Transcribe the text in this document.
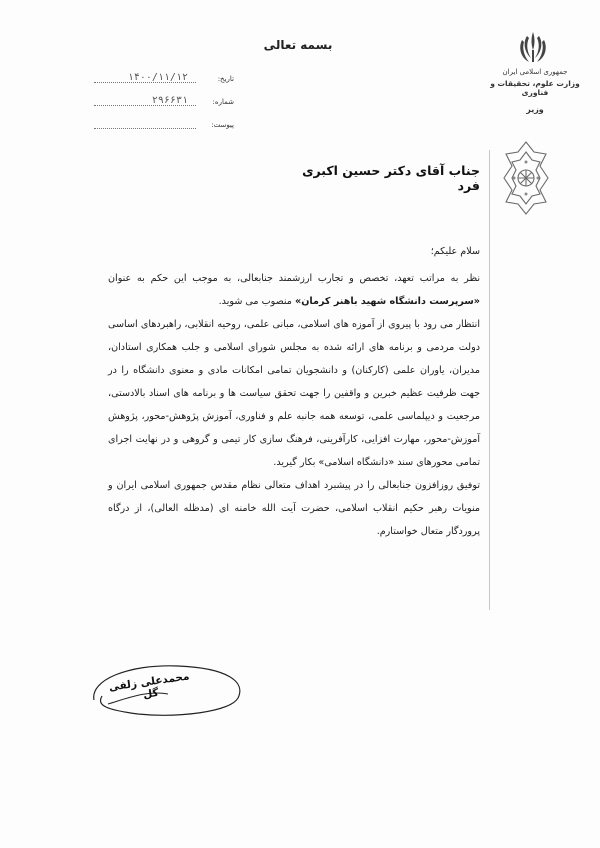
بسمه تعالی
جمهوری اسلامی ایران
وزارت علوم، تحقیقات و فناوری
وزیر
تاریخ:
۱۴۰۰/۱۱/۱۲
شماره:
۲۹۶۶۳۱
پیوست:
جناب آقای دکتر حسین اکبری فرد

سلام علیکم؛

نظر به مراتب تعهد، تخصص و تجارب ارزشمند جنابعالی، به موجب این حکم به عنوان «سرپرست دانشگاه شهید باهنر کرمان» منصوب می شوید.

انتظار می رود با پیروی از آموزه های اسلامی، مبانی علمی، روحیه انقلابی، راهبردهای اساسی دولت مردمی و برنامه های ارائه شده به مجلس شورای اسلامی و جلب همکاری استادان، مدیران، یاوران علمی (کارکنان) و دانشجویان تمامی امکانات مادی و معنوی دانشگاه را در جهت ظرفیت عظیم خبرین و واقفین را جهت تحقق سیاست ها و برنامه های اسناد بالادستی، مرجعیت و دیپلماسی علمی، توسعه همه جانبه علم و فناوری، آموزش پژوهش-محور، پژوهش آموزش-محور، مهارت افزایی، کارآفرینی، فرهنگ سازی کار تیمی و گروهی و در نهایت اجرای تمامی محورهای سند «دانشگاه اسلامی» بکار گیرید.

توفیق روزافزون جنابعالی را در پیشبرد اهداف متعالی نظام مقدس جمهوری اسلامی ایران و منویات رهبر حکیم انقلاب اسلامی، حضرت آیت الله خامنه ای (مدظله العالی)، از درگاه پروردگار متعال خواستارم.

محمدعلی زلفی گل
